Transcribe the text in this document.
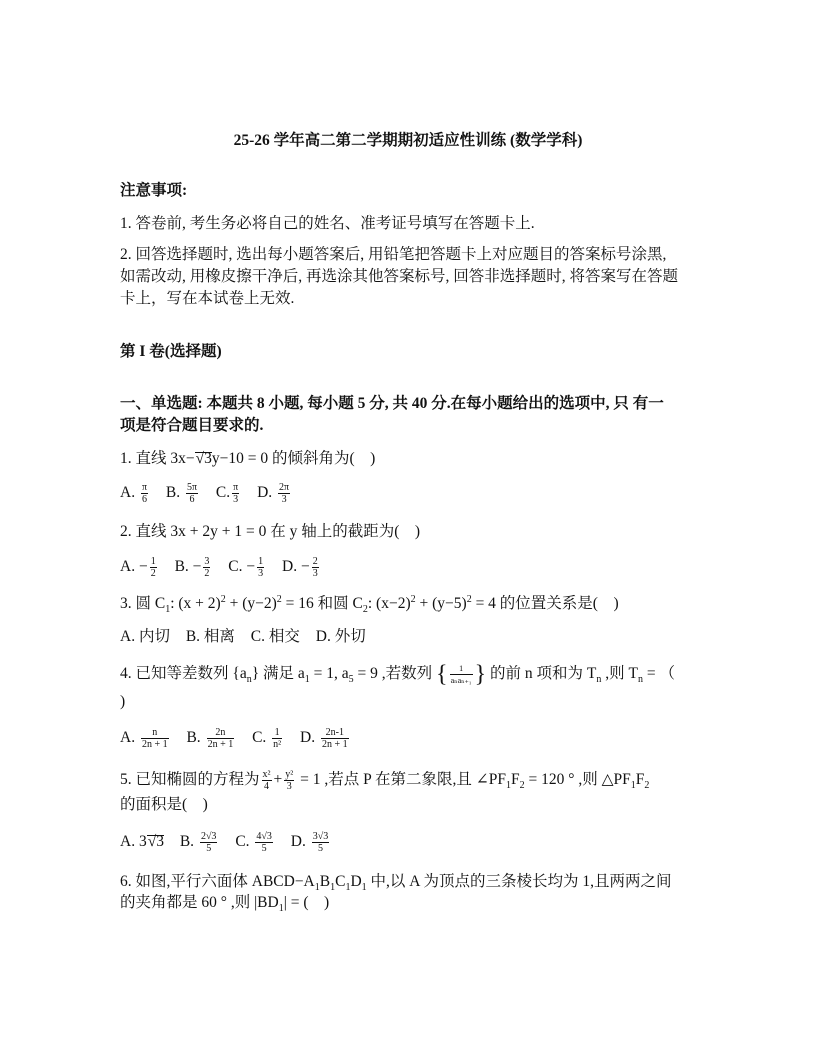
25-26 学年高二第二学期期初适应性训练 (数学学科)
注意事项:
1. 答卷前, 考生务必将自己的姓名、准考证号填写在答题卡上.
2. 回答选择题时, 选出每小题答案后, 用铅笔把答题卡上对应题目的答案标号涂黑,
如需改动, 用橡皮擦干净后, 再选涂其他答案标号, 回答非选择题时, 将答案写在答题
卡上，写在本试卷上无效.
第 I 卷(选择题)
一、单选题: 本题共 8 小题, 每小题 5 分, 共 40 分.在每小题给出的选项中, 只 有一
项是符合题目要求的.
1. 直线 3x−√3y−10 = 0 的倾斜角为(　)
A. $\frac{\pi}{6} B$. $\frac{5\pi}{6} C$. $\frac{\pi}{3} D$. $\frac{2\pi}{3}$
2. 直线 3x + 2y + 1 = 0 在 y 轴上的截距为(　)
A. − $\frac{1}{2} B$. − $\frac{3}{2} C$. − $\frac{1}{3} D$. − $\frac{2}{3}$
3. 圆 $C_1$: $(x + 2)^2 + (y-2)^2 = 16$ 和圆 $C_2$: $(x-2)^2 + (y-5)^2 = 4$ 的位置关系是(　)
A. 内切 B. 相离 C. 相交 D. 外切
4. 已知等差数列 $\{a_n\}$ 满足 $a_1 = 1$, $a_5 = 9$ ,若数列 {	1
aₙaₙ₊₁ } 的前 n 项和为 $T_n$ ,则 $T_n$ = （
)
A. $\frac{n}{2n + 1} B$. $\frac{2n}{2n + 1} C$. $\frac{1}{\text{n²}} D$. $\frac{2n-1}{2n + 1}$
5. 已知椭圆的方程为 $\frac{\text{x²}}{4} + \frac{\text{y²}}{3} = 1$ ,若点 P 在第二象限,且 $\angle PF_1F_2 = 120$ ° ,则 $\triangle PF_1F_2$
的面积是(　)
A. 3√3 B. $\frac{2√3}{5} C$. $\frac{4√3}{5} D$. $\frac{3√3}{5}$
6. 如图,平行六面体 $ABCD-A_1B_1C_1D_1$ 中,以 A 为顶点的三条棱长均为 1,且两两之间
的夹角都是 60 ° ,则 $|BD_1|$ = (　)
